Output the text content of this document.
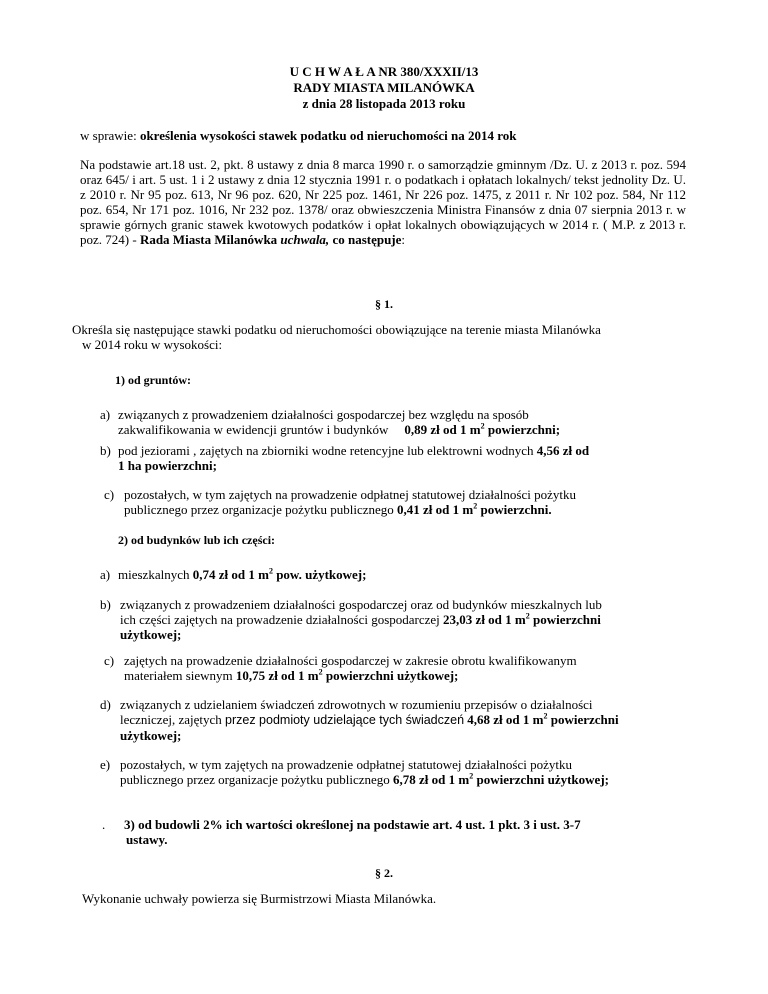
U C H W A Ł A NR 380/XXXII/13
RADY MIASTA MILANÓWKA
z dnia 28 listopada 2013 roku
w sprawie: określenia wysokości stawek podatku od nieruchomości na 2014 rok
Na podstawie art.18 ust. 2, pkt. 8 ustawy z dnia 8 marca 1990 r. o samorządzie gminnym /Dz. U. z 2013 r. poz. 594 oraz 645/ i art. 5 ust. 1 i 2 ustawy z dnia 12 stycznia 1991 r. o podatkach i opłatach lokalnych/ tekst jednolity Dz. U. z 2010 r. Nr 95 poz. 613, Nr 96 poz. 620, Nr 225 poz. 1461, Nr 226 poz. 1475, z 2011 r. Nr 102 poz. 584, Nr 112 poz. 654, Nr 171 poz. 1016, Nr 232 poz. 1378/ oraz obwieszczenia Ministra Finansów z dnia 07 sierpnia 2013 r. w sprawie górnych granic stawek kwotowych podatków i opłat lokalnych obowiązujących w 2014 r. ( M.P. z 2013 r. poz. 724) - Rada Miasta Milanówka uchwala, co następuje:
§ 1.
Określa się następujące stawki podatku od nieruchomości obowiązujące na terenie miasta Milanówka
w 2014 roku w wysokości:
1) od gruntów:
a) związanych z prowadzeniem działalności gospodarczej bez względu na sposób
zakwalifikowania w ewidencji gruntów i budynków 0,89 zł od 1 $m^2$ powierzchni;
b) pod jeziorami , zajętych na zbiorniki wodne retencyjne lub elektrowni wodnych 4,56 zł od
1 ha powierzchni;
c) pozostałych, w tym zajętych na prowadzenie odpłatnej statutowej działalności pożytku
publicznego przez organizacje pożytku publicznego 0,41 zł od 1 $m^2$ powierzchni.
2) od budynków lub ich części:
a) mieszkalnych 0,74 zł od 1 $m^2$ pow. użytkowej;
b) związanych z prowadzeniem działalności gospodarczej oraz od budynków mieszkalnych lub
ich części zajętych na prowadzenie działalności gospodarczej 23,03 zł od 1 $m^2$ powierzchni
użytkowej;
c) zajętych na prowadzenie działalności gospodarczej w zakresie obrotu kwalifikowanym
materiałem siewnym 10,75 zł od 1 $m^2$ powierzchni użytkowej;
d) związanych z udzielaniem świadczeń zdrowotnych w rozumieniu przepisów o działalności
leczniczej, zajętych przez podmioty udzielające tych świadczeń 4,68 zł od 1 $m^2$ powierzchni
użytkowej;
e) pozostałych, w tym zajętych na prowadzenie odpłatnej statutowej działalności pożytku
publicznego przez organizacje pożytku publicznego 6,78 zł od 1 $m^2$ powierzchni użytkowej;
.	3) od budowli 2% ich wartości określonej na podstawie art. 4 ust. 1 pkt. 3 i ust. 3-7
ustawy.
§ 2.
Wykonanie uchwały powierza się Burmistrzowi Miasta Milanówka.
